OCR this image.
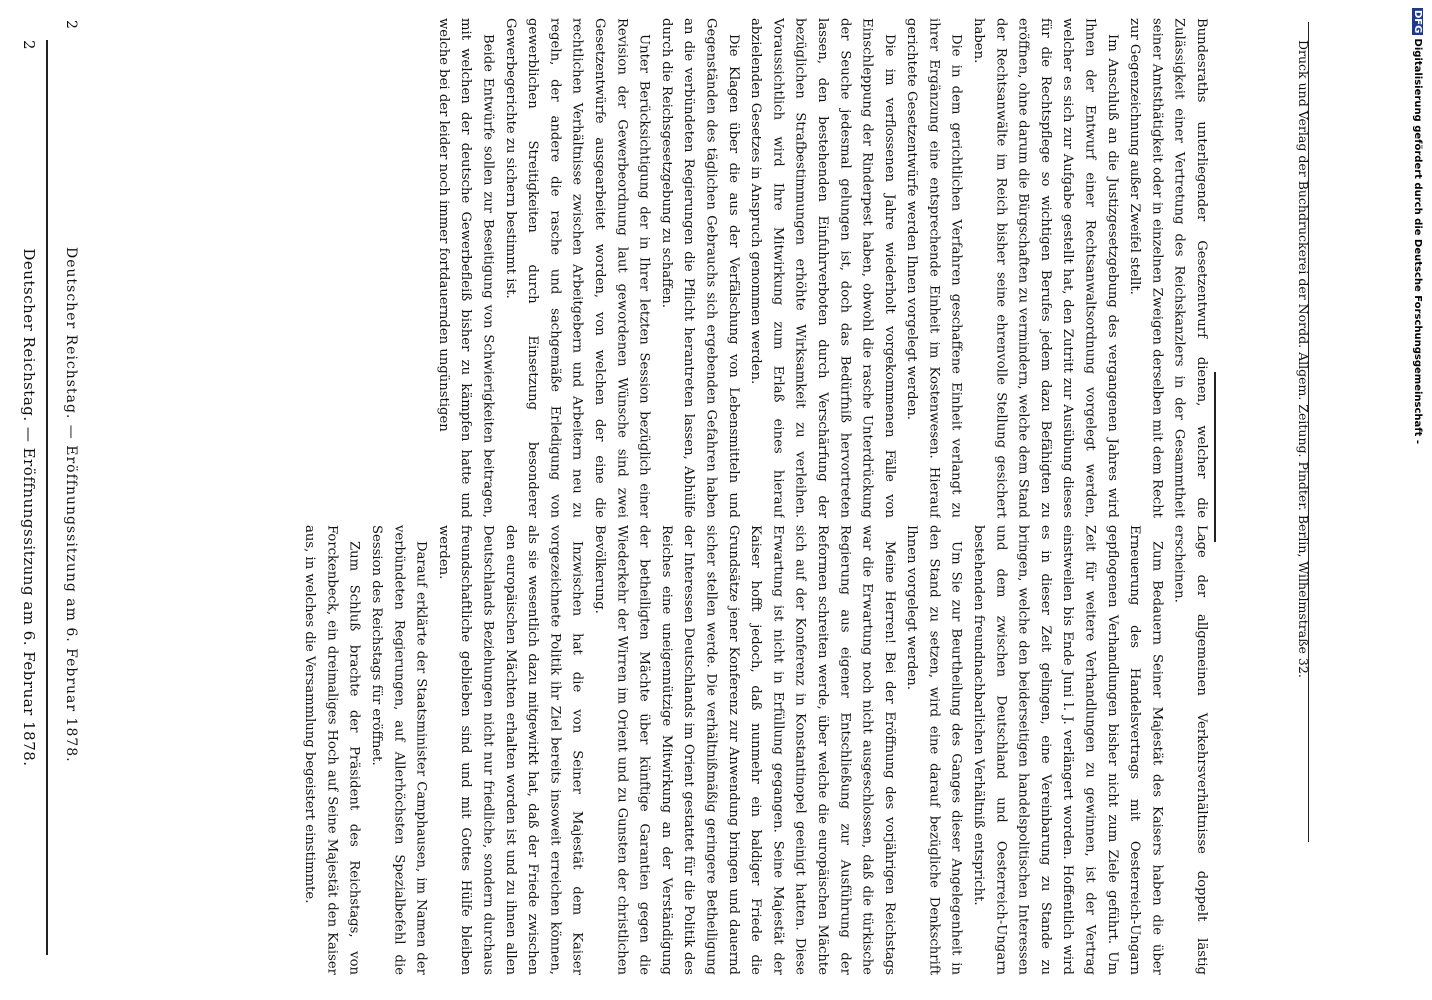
2
Deutscher Reichstag. — Eröffnungssitzung am 6. Februar 1878.	Bundesraths unterliegender Gesetzentwurf dienen, welcher die Zulässigkeit einer Vertretung des Reichskanzlers in der Gesammtheit seiner Amtsthätigkeit oder in einzelnen Zweigen derselben mit dem Recht zur Gegenzeichnung außer Zweifel stellt.

Im Anschluß an die Justizgesetzgebung des vergangenen Jahres wird Ihnen der Entwurf einer Rechtsanwaltsordnung vorgelegt werden, welcher es sich zur Aufgabe gestellt hat, den Zutritt zur Ausübung dieses für die Rechtspflege so wichtigen Berufes jedem dazu Befähigten zu eröffnen, ohne darum die Bürgschaften zu vermindern, welche dem Stand der Rechtsanwälte im Reich bisher seine ehrenvolle Stellung gesichert haben.

Die in dem gerichtlichen Verfahren geschaffene Einheit verlangt zu ihrer Ergänzung eine entsprechende Einheit im Kostenwesen. Hierauf gerichtete Gesetzentwürfe werden Ihnen vorgelegt werden.

Die im verflossenen Jahre wiederholt vorgekommenen Fälle von Einschleppung der Rinderpest haben, obwohl die rasche Unterdrückung der Seuche jedesmal gelungen ist, doch das Bedürfniß hervortreten lassen, den bestehenden Einfuhrverboten durch Verschärfung der bezüglichen Strafbestimmungen erhöhte Wirksamkeit zu verleihen. Voraussichtlich wird Ihre Mitwirkung zum Erlaß eines hierauf abzielenden Gesetzes in Anspruch genommen werden.

Die Klagen über die aus der Verfälschung von Lebensmitteln und Gegenständen des täglichen Gebrauchs sich ergebenden Gefahren haben an die verbündeten Regierungen die Pflicht herantreten lassen, Abhülfe durch die Reichsgesetzgebung zu schaffen.

Unter Berücksichtigung der in Ihrer letzten Session bezüglich einer Revision der Gewerbeordnung laut gewordenen Wünsche sind zwei Gesetzentwürfe ausgearbeitet worden, von welchen der eine die rechtlichen Verhältnisse zwischen Arbeitgebern und Arbeitern neu zu regeln, der andere die rasche und sachgemäße Erledigung von gewerblichen Streitigkeiten durch Einsetzung besonderer Gewerbegerichte zu sichern bestimmt ist.

Beide Entwürfe sollen zur Beseitigung von Schwierigkeiten beitragen, mit welchen der deutsche Gewerbefleiß bisher zu kämpfen hatte und welche bei der leider noch immer fortdauernden ungünstigen

Lage der allgemeinen Verkehrsverhältnisse doppelt lästig erscheinen.

Zum Bedauern Seiner Majestät des Kaisers haben die über Erneuerung des Handelsvertrags mit Oesterreich-Ungarn gepflogenen Verhandlungen bisher nicht zum Ziele geführt. Um Zeit für weitere Verhandlungen zu gewinnen, ist der Vertrag einstweilen bis Ende Juni l. J. verlängert worden. Hoffentlich wird es in dieser Zeit gelingen, eine Vereinbarung zu Stande zu bringen, welche den beiderseitigen handelspolitischen Interessen und dem zwischen Deutschland und Oesterreich-Ungarn bestehenden freundnachbarlichen Verhältniß entspricht.

Um Sie zur Beurtheilung des Ganges dieser Angelegenheit in den Stand zu setzen, wird eine darauf bezügliche Denkschrift Ihnen vorgelegt werden.

Meine Herren! Bei der Eröffnung des vorjährigen Reichstags war die Erwartung noch nicht ausgeschlossen, daß die türkische Regierung aus eigener Entschließung zur Ausführung der Reformen schreiten werde, über welche die europäischen Mächte sich auf der Konferenz in Konstantinopel geeinigt hatten. Diese Erwartung ist nicht in Erfüllung gegangen. Seine Majestät der Kaiser hofft jedoch, daß nunmehr ein baldiger Friede die Grundsätze jener Konferenz zur Anwendung bringen und dauernd sicher stellen werde. Die verhältnißmäßig geringere Betheiligung der Interessen Deutschlands im Orient gestattet für die Politik des Reiches eine uneigennützige Mitwirkung an der Verständigung der betheiligten Mächte über künftige Garantien gegen die Wiederkehr der Wirren im Orient und zu Gunsten der christlichen Bevölkerung.

Inzwischen hat die von Seiner Majestät dem Kaiser vorgezeichnete Politik ihr Ziel bereits insoweit erreichen können, als sie wesentlich dazu mitgewirkt hat, daß der Friede zwischen den europäischen Mächten erhalten worden ist und zu ihnen allen Deutschlands Beziehungen nicht nur friedliche, sondern durchaus freundschaftliche geblieben sind und mit Gottes Hülfe bleiben werden.

Darauf erklärte der Staatsminister Camphausen, im Namen der verbündeten Regierungen, auf Allerhöchsten Spezialbefehl die Session des Reichstags für eröffnet.

Zum Schluß brachte der Präsident des Reichstags, von Forckenbeck, ein dreimaliges Hoch auf Seine Majestät den Kaiser aus, in welches die Versammlung begeistert einstimmte.

2
Deutscher Reichstag. — Eröffnungssitzung am 6. Februar 1878.	Druck und Verlag der Buchdruckerei der Nordd. Allgem. Zeitung. Pindter. Berlin, Wilhelmstraße 32.
DFG Digitalisierung gefördert durch die Deutsche Forschungsgemeinschaft -
